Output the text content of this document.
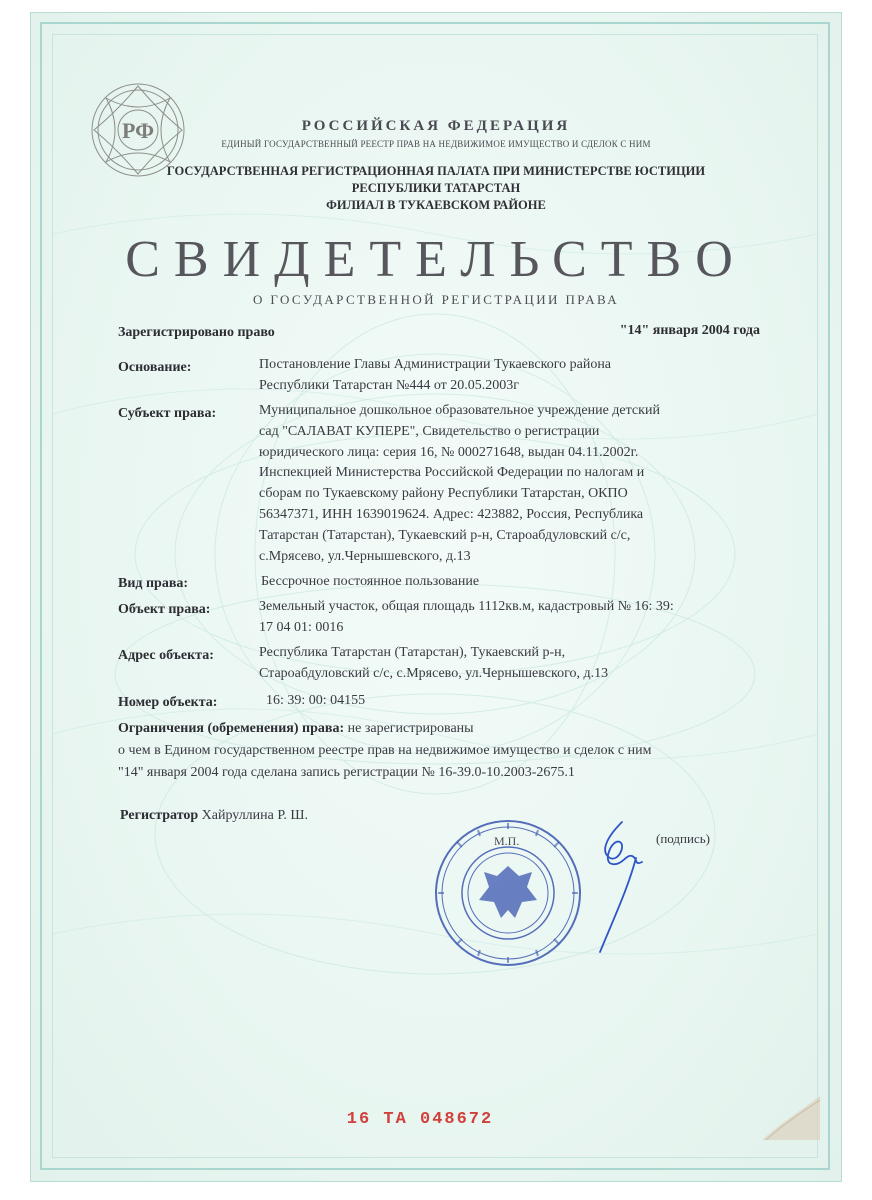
РФ	РОССИЙСКАЯ ФЕДЕРАЦИЯ
ЕДИНЫЙ ГОСУДАРСТВЕННЫЙ РЕЕСТР ПРАВ НА НЕДВИЖИМОЕ ИМУЩЕСТВО И СДЕЛОК С НИМ
ГОСУДАРСТВЕННАЯ РЕГИСТРАЦИОННАЯ ПАЛАТА ПРИ МИНИСТЕРСТВЕ ЮСТИЦИИ
РЕСПУБЛИКИ ТАТАРСТАН
ФИЛИАЛ В ТУКАЕВСКОМ РАЙОНЕ
СВИДЕТЕЛЬСТВО
О ГОСУДАРСТВЕННОЙ РЕГИСТРАЦИИ ПРАВА
Зарегистрировано право	"14" января 2004 года
Основание:	Постановление Главы Администрации Тукаевского района
Республики Татарстан №444 от 20.05.2003г
Субъект права:	Муниципальное дошкольное образовательное учреждение детский
сад "САЛАВАТ КУПЕРЕ", Свидетельство о регистрации
юридического лица: серия 16, № 000271648, выдан 04.11.2002г.
Инспекцией Министерства Российской Федерации по налогам и
сборам по Тукаевскому району Республики Татарстан, ОКПО
56347371, ИНН 1639019624. Адрес: 423882, Россия, Республика
Татарстан (Татарстан), Тукаевский р-н, Староабдуловский с/с,
с.Мрясево, ул.Чернышевского, д.13
Вид права:	Бессрочное постоянное пользование
Объект права:	Земельный участок, общая площадь 1112кв.м, кадастровый № 16: 39:
17 04 01: 0016
Адрес объекта:	Республика Татарстан (Татарстан), Тукаевский р-н,
Староабдуловский с/с, с.Мрясево, ул.Чернышевского, д.13
Номер объекта:	16: 39: 00: 04155
Ограничения (обременения) права: не зарегистрированы
о чем в Едином государственном реестре прав на недвижимое имущество и сделок с ним
"14" января 2004 года сделана запись регистрации № 16-39.0-10.2003-2675.1
Регистратор Хайруллина Р. Ш.
М.П.	(подпись)
16 ТА 048672
